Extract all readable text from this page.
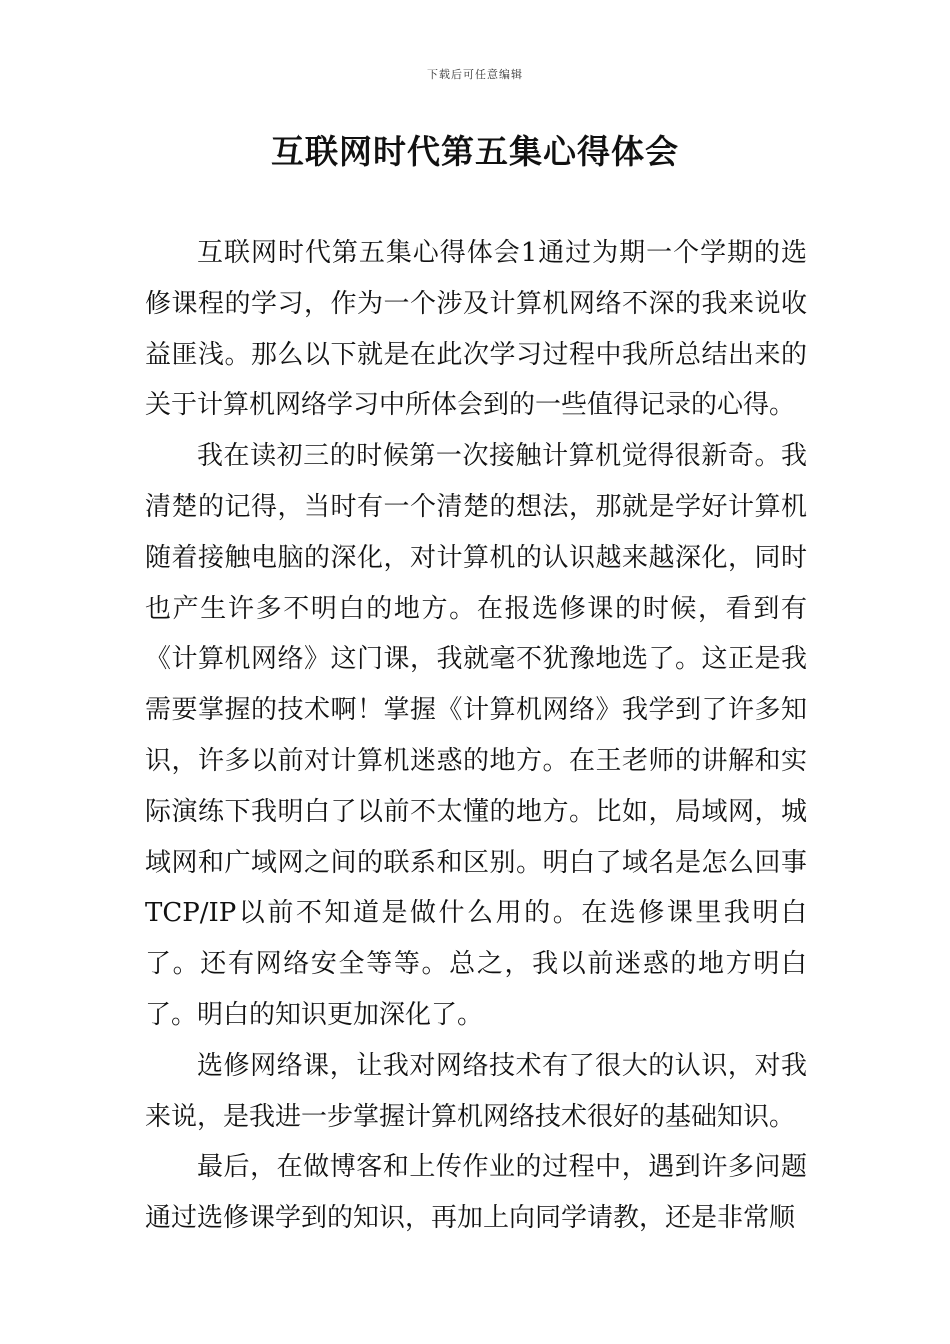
下载后可任意编辑
互联网时代第五集心得体会

互联网时代第五集心得体会1通过为期一个学期的选修课程的学习，作为一个涉及计算机网络不深的我来说收益匪浅。那么以下就是在此次学习过程中我所总结出来的关于计算机网络学习中所体会到的一些值得记录的心得。

我在读初三的时候第一次接触计算机觉得很新奇。我清楚的记得，当时有一个清楚的想法，那就是学好计算机随着接触电脑的深化，对计算机的认识越来越深化，同时也产生许多不明白的地方。在报选修课的时候，看到有《计算机网络》这门课，我就毫不犹豫地选了。这正是我需要掌握的技术啊！掌握《计算机网络》我学到了许多知识，许多以前对计算机迷惑的地方。在王老师的讲解和实际演练下我明白了以前不太懂的地方。比如，局域网，城域网和广域网之间的联系和区别。明白了域名是怎么回事TCP/IP以前不知道是做什么用的。在选修课里我明白了。还有网络安全等等。总之，我以前迷惑的地方明白了。明白的知识更加深化了。

选修网络课，让我对网络技术有了很大的认识，对我来说，是我进一步掌握计算机网络技术很好的基础知识。

最后，在做博客和上传作业的过程中，遇到许多问题通过选修课学到的知识，再加上向同学请教，还是非常顺
